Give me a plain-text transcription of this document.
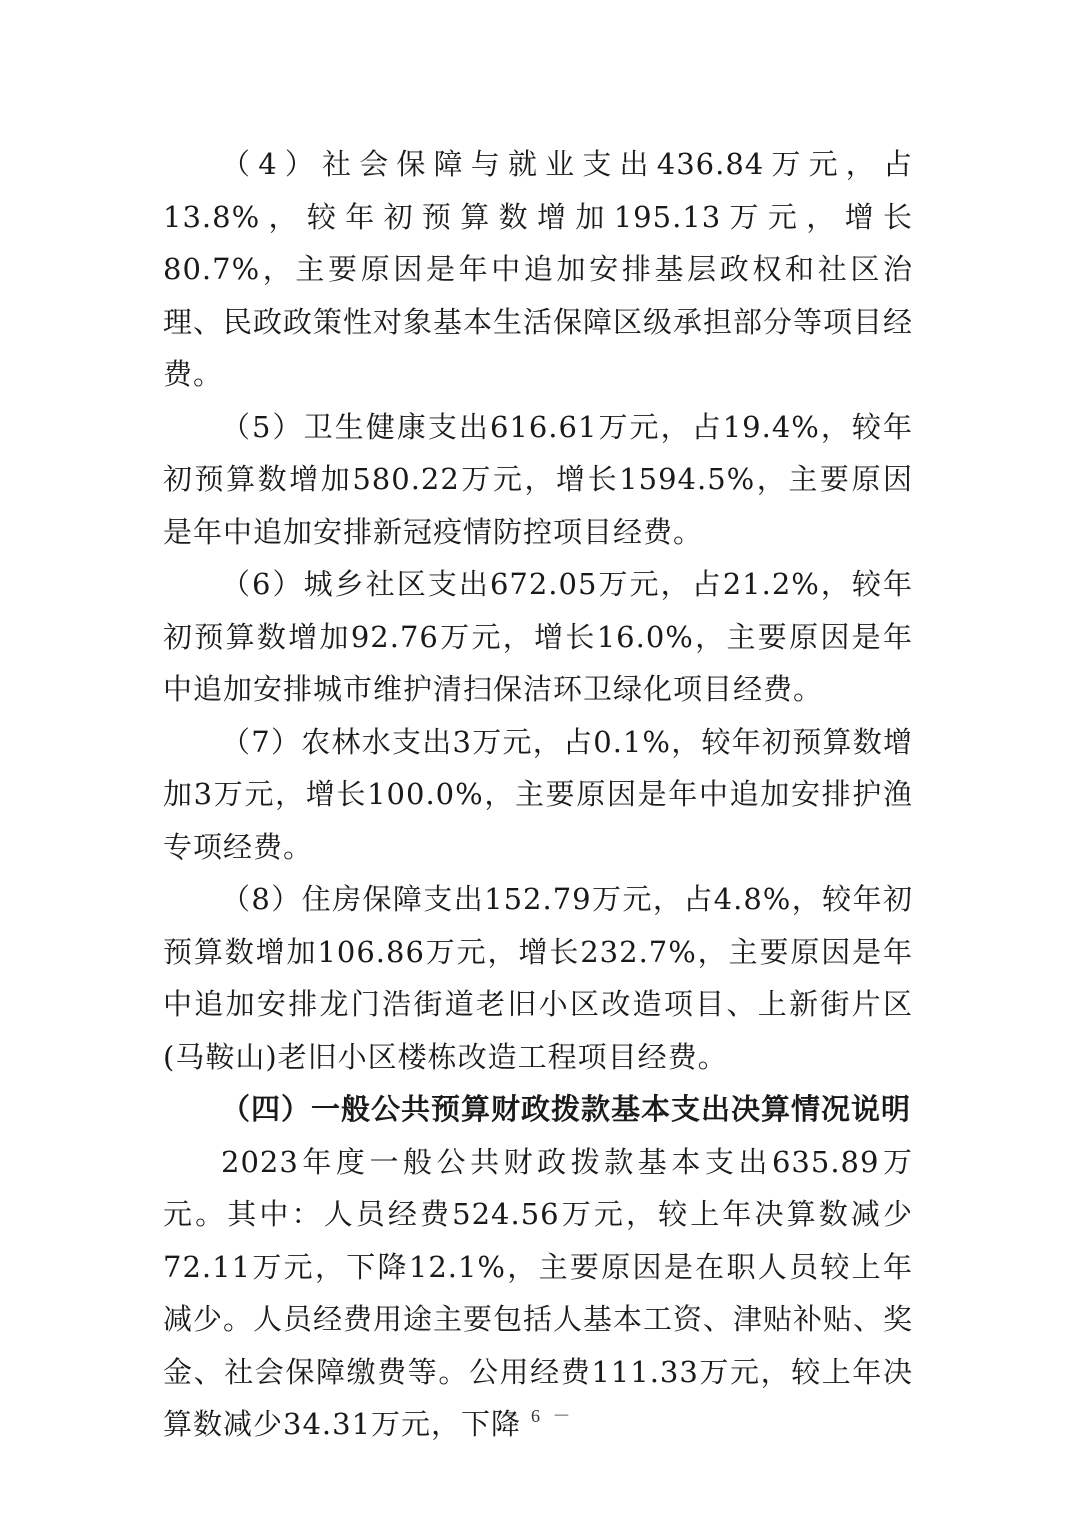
（4）社会保障与就业支出436.84万元，占13.8%，较年初预算数增加195.13万元，增长80.7%，主要原因是年中追加安排基层政权和社区治理、民政政策性对象基本生活保障区级承担部分等项目经费。

（5）卫生健康支出616.61万元，占19.4%，较年初预算数增加580.22万元，增长1594.5%，主要原因是年中追加安排新冠疫情防控项目经费。

（6）城乡社区支出672.05万元，占21.2%，较年初预算数增加92.76万元，增长16.0%，主要原因是年中追加安排城市维护清扫保洁环卫绿化项目经费。

（7）农林水支出3万元，占0.1%，较年初预算数增加3万元，增长100.0%，主要原因是年中追加安排护渔专项经费。

（8）住房保障支出152.79万元，占4.8%，较年初预算数增加106.86万元，增长232.7%，主要原因是年中追加安排龙门浩街道老旧小区改造项目、上新街片区(马鞍山)老旧小区楼栋改造工程项目经费。

（四）一般公共预算财政拨款基本支出决算情况说明

2023年度一般公共财政拨款基本支出635.89万元。其中：人员经费524.56万元，较上年决算数减少72.11万元，下降12.1%，主要原因是在职人员较上年减少。人员经费用途主要包括人基本工资、津贴补贴、奖金、社会保障缴费等。公用经费111.33万元，较上年决算数减少34.31万元，下降

－ 6 －
